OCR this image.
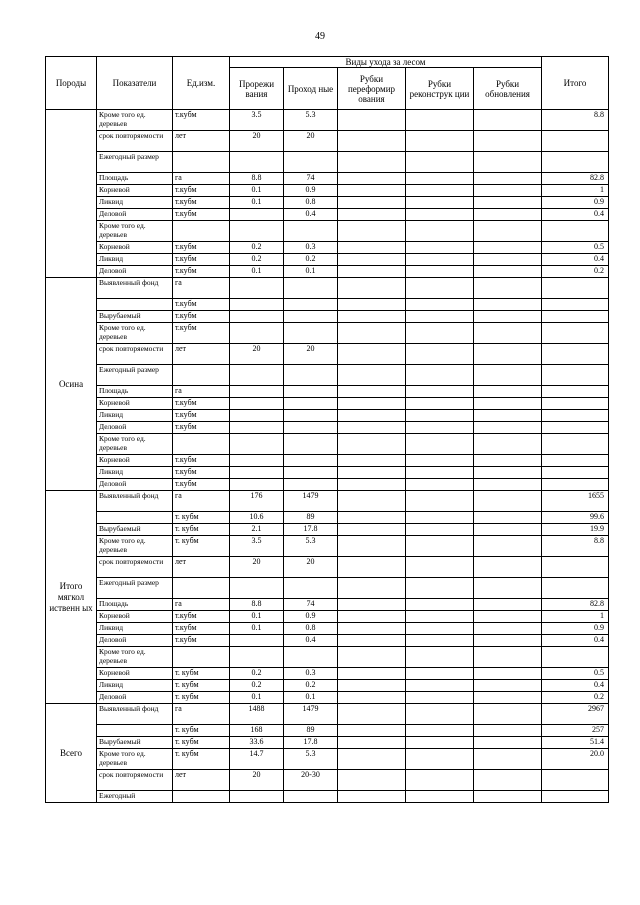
49
Породы	Показатели	Ед.изм.	Виды ухода за лесом					Итого
			Прорежи вания	Проход ные	Рубки переформир ования	Рубки реконструк ции	Рубки обновления	
	Кроме того ед. деревьев	т.кубм	3.5	5.3				8.8
	срок повторяемости	лет	20	20				
	Ежегодный размер							
	Площадь	га	8.8	74				82.8
	Корневой	т.кубм	0.1	0.9				1
	Ликвид	т.кубм	0.1	0.8				0.9
	Деловой	т.кубм		0.4				0.4
	Кроме того ед. деревьев							
	Корневой	т.кубм	0.2	0.3				0.5
	Ликвид	т.кубм	0.2	0.2				0.4
	Деловой	т.кубм	0.1	0.1				0.2
Осина	Выявленный фонд	га						
		т.кубм						
	Вырубаемый	т.кубм						
	Кроме того ед. деревьев	т.кубм						
	срок повторяемости	лет	20	20				
	Ежегодный размер							
	Площадь	га						
	Корневой	т.кубм						
	Ликвид	т.кубм						
	Деловой	т.кубм						
	Кроме того ед. деревьев							
	Корневой	т.кубм						
	Ликвид	т.кубм						
	Деловой	т.кубм						
Итого мягкол иственн ых	Выявленный фонд	га	176	1479				1655
		т. кубм	10.6	89				99.6
	Вырубаемый	т. кубм	2.1	17.8				19.9
	Кроме того ед. деревьев	т. кубм	3.5	5.3				8.8
	срок повторяемости	лет	20	20				
	Ежегодный размер							
	Площадь	га	8.8	74				82.8
	Корневой	т.кубм	0.1	0.9				1
	Ликвид	т.кубм	0.1	0.8				0.9
	Деловой	т.кубм		0.4				0.4
	Кроме того ед. деревьев							
	Корневой	т. кубм	0.2	0.3				0.5
	Ликвид	т. кубм	0.2	0.2				0.4
	Деловой	т. кубм	0.1	0.1				0.2
Всего	Выявленный фонд	га	1488	1479				2967
		т. кубм	168	89				257
	Вырубаемый	т. кубм	33.6	17.8				51.4
	Кроме того ед. деревьев	т. кубм	14.7	5.3				20.0
	срок повторяемости	лет	20	20-30				
	Ежегодный							
